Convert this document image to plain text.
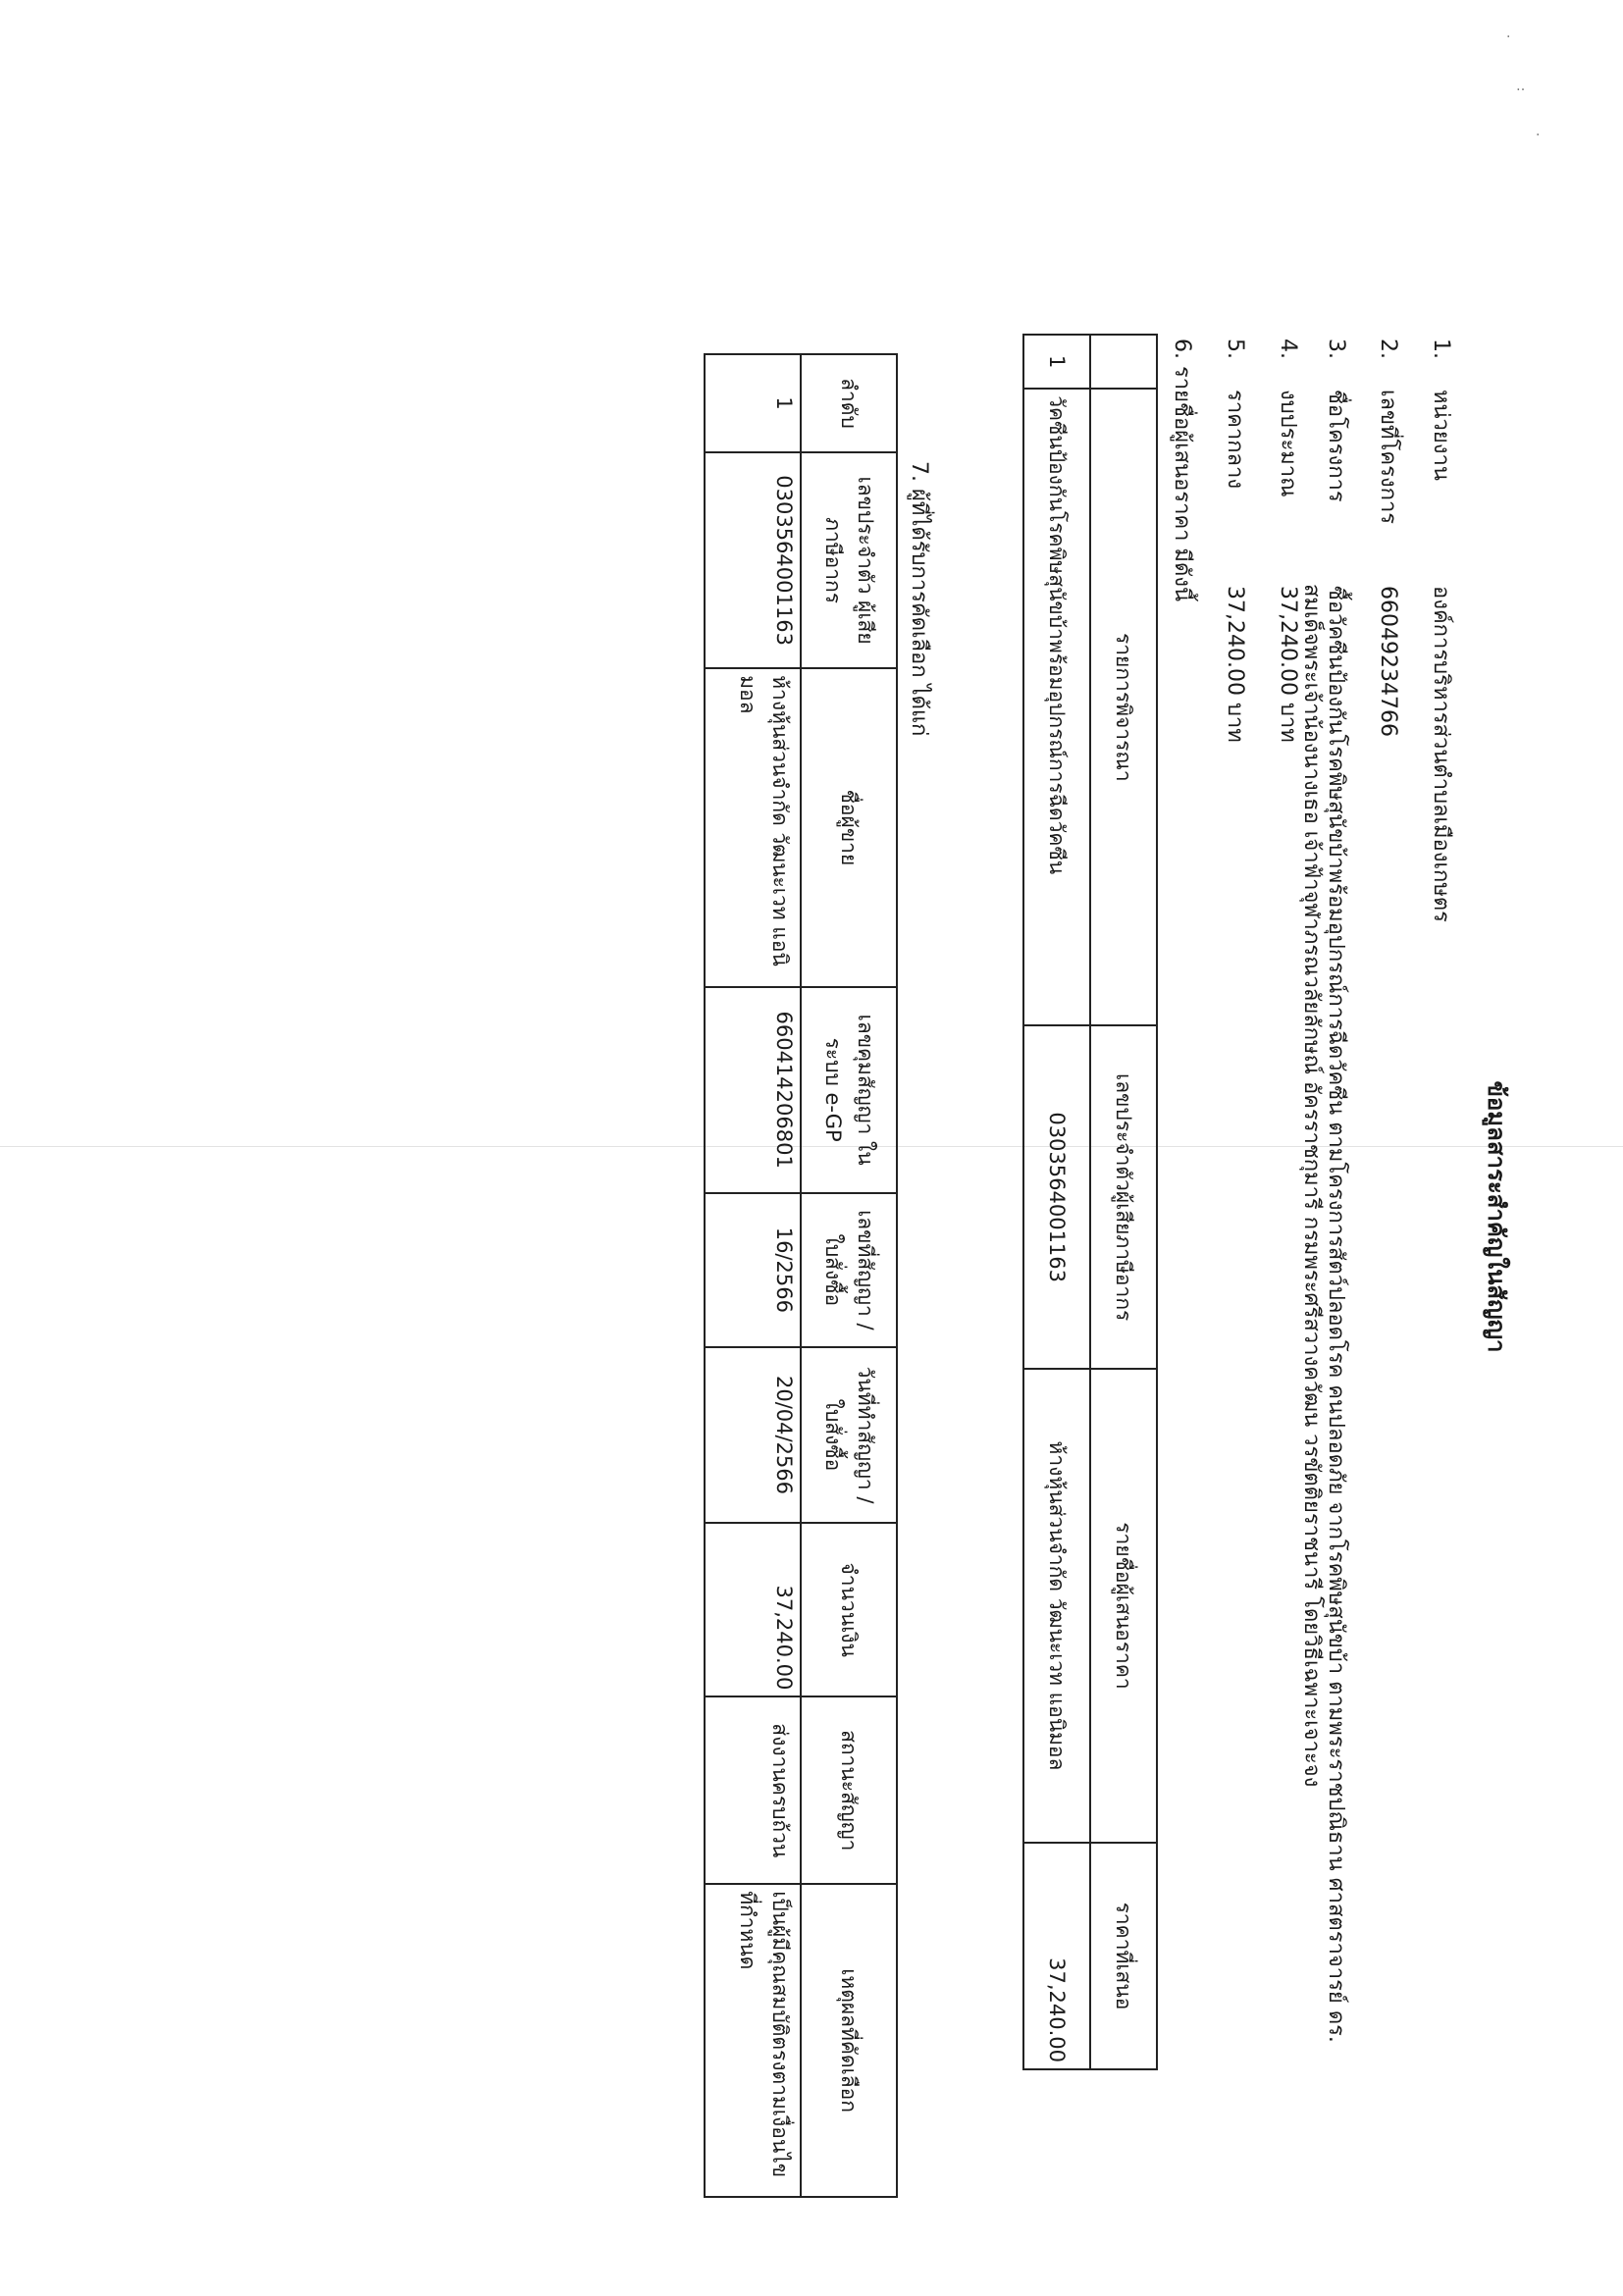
·
‥
·
ข้อมูลสาระสำคัญในสัญญา
1.หน่วยงานองค์การบริหารส่วนตำบลเมืองเกษตร
2.เลขที่โครงการ66049234766
3.ชื่อโครงการซื้อวัคซีนป้องกันโรคพิษสุนัขบ้าพร้อมอุปกรณ์การฉีดวัคซีน ตามโครงการสัตว์ปลอดโรค คนปลอดภัย จากโรคพิษสุนัขบ้า ตามพระราชปณิธาน ศาสตราจารย์ ดร.
สมเด็จพระเจ้าน้องนางเธอ เจ้าฟ้าจุฬาภรณวลัยลักษณ์ อัครราชกุมารี กรมพระศรีสวางควัฒน วรขัตติยราชนารี โดยวิธีเฉพาะเจาะจง
4.งบประมาณ37,240.00 บาท
5.ราคากลาง37,240.00 บาท
6. รายชื่อผู้เสนอราคา มีดังนี้
	รายการพิจารณา	เลขประจำตัวผู้เสียภาษีอากร	รายชื่อผู้เสนอราคา	ราคาที่เสนอ
1	วัคซีนป้องกันโรคพิษสุนัขบ้าพร้อมอุปกรณ์การฉีดวัคซีน	0303564001163	ห้างหุ้นส่วนจำกัด วัฒนะเวท แอนิมอล	37,240.00
7. ผู้ที่ได้รับการคัดเลือก ได้แก่
ลำดับ	เลขประจำตัว ผู้เสียภาษีอากร	ชื่อผู้ขาย	เลขคุมสัญญา ในระบบ e-GP	เลขที่สัญญา / ใบสั่งซื้อ	วันที่ทำสัญญา / ใบสั่งซื้อ	จำนวนเงิน	สถานะสัญญา	เหตุผลที่คัดเลือก
1	0303564001163	ห้างหุ้นส่วนจำกัด วัฒนะเวท แอนิมอล	660414206801	16/2566	20/04/2566	37,240.00	ส่งงานครบถ้วน	เป็นผู้มีคุณสมบัติตรงตามเงื่อนไขที่กำหนด
